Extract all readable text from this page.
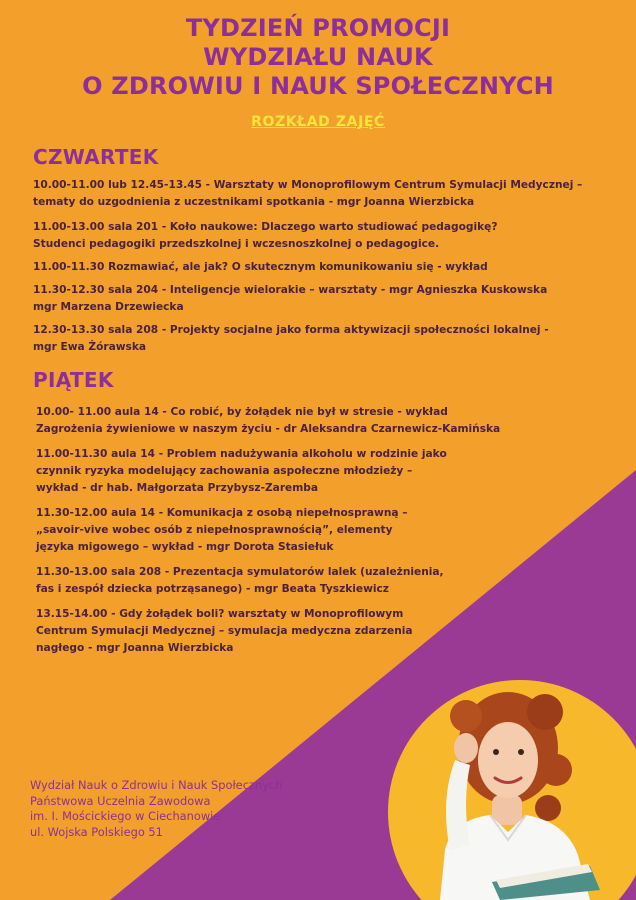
TYDZIEŃ PROMOCJI
WYDZIAŁU NAUK
O ZDROWIU I NAUK SPOŁECZNYCH
ROZKŁAD ZAJĘĆ
CZWARTEK
10.00-11.00 lub 12.45-13.45 - Warsztaty w Monoprofilowym Centrum Symulacji Medycznej –
tematy do uzgodnienia z uczestnikami spotkania - mgr Joanna Wierzbicka
11.00-13.00 sala 201 - Koło naukowe: Dlaczego warto studiować pedagogikę?
Studenci pedagogiki przedszkolnej i wczesnoszkolnej o pedagogice.
11.00-11.30 Rozmawiać, ale jak? O skutecznym komunikowaniu się - wykład
11.30-12.30 sala 204 - Inteligencje wielorakie – warsztaty - mgr Agnieszka Kuskowska
mgr Marzena Drzewiecka
12.30-13.30 sala 208 - Projekty socjalne jako forma aktywizacji społeczności lokalnej -
mgr Ewa Żórawska
PIĄTEK
10.00- 11.00 aula 14 - Co robić, by żołądek nie był w stresie - wykład
Zagrożenia żywieniowe w naszym życiu - dr Aleksandra Czarnewicz-Kamińska
11.00-11.30 aula 14 - Problem nadużywania alkoholu w rodzinie jako
czynnik ryzyka modelujący zachowania aspołeczne młodzieży –
wykład - dr hab. Małgorzata Przybysz-Zaremba
11.30-12.00 aula 14 - Komunikacja z osobą niepełnosprawną –
„savoir-vive wobec osób z niepełnosprawnością”, elementy
języka migowego – wykład - mgr Dorota Stasiełuk
11.30-13.00 sala 208 - Prezentacja symulatorów lalek (uzależnienia,
fas i zespół dziecka potrząsanego) - mgr Beata Tyszkiewicz
13.15-14.00 - Gdy żołądek boli? warsztaty w Monoprofilowym
Centrum Symulacji Medycznej – symulacja medyczna zdarzenia
nagłego - mgr Joanna Wierzbicka
Wydział Nauk o Zdrowiu i Nauk Społecznych
Państwowa Uczelnia Zawodowa
im. I. Mościckiego w Ciechanowie
ul. Wojska Polskiego 51
